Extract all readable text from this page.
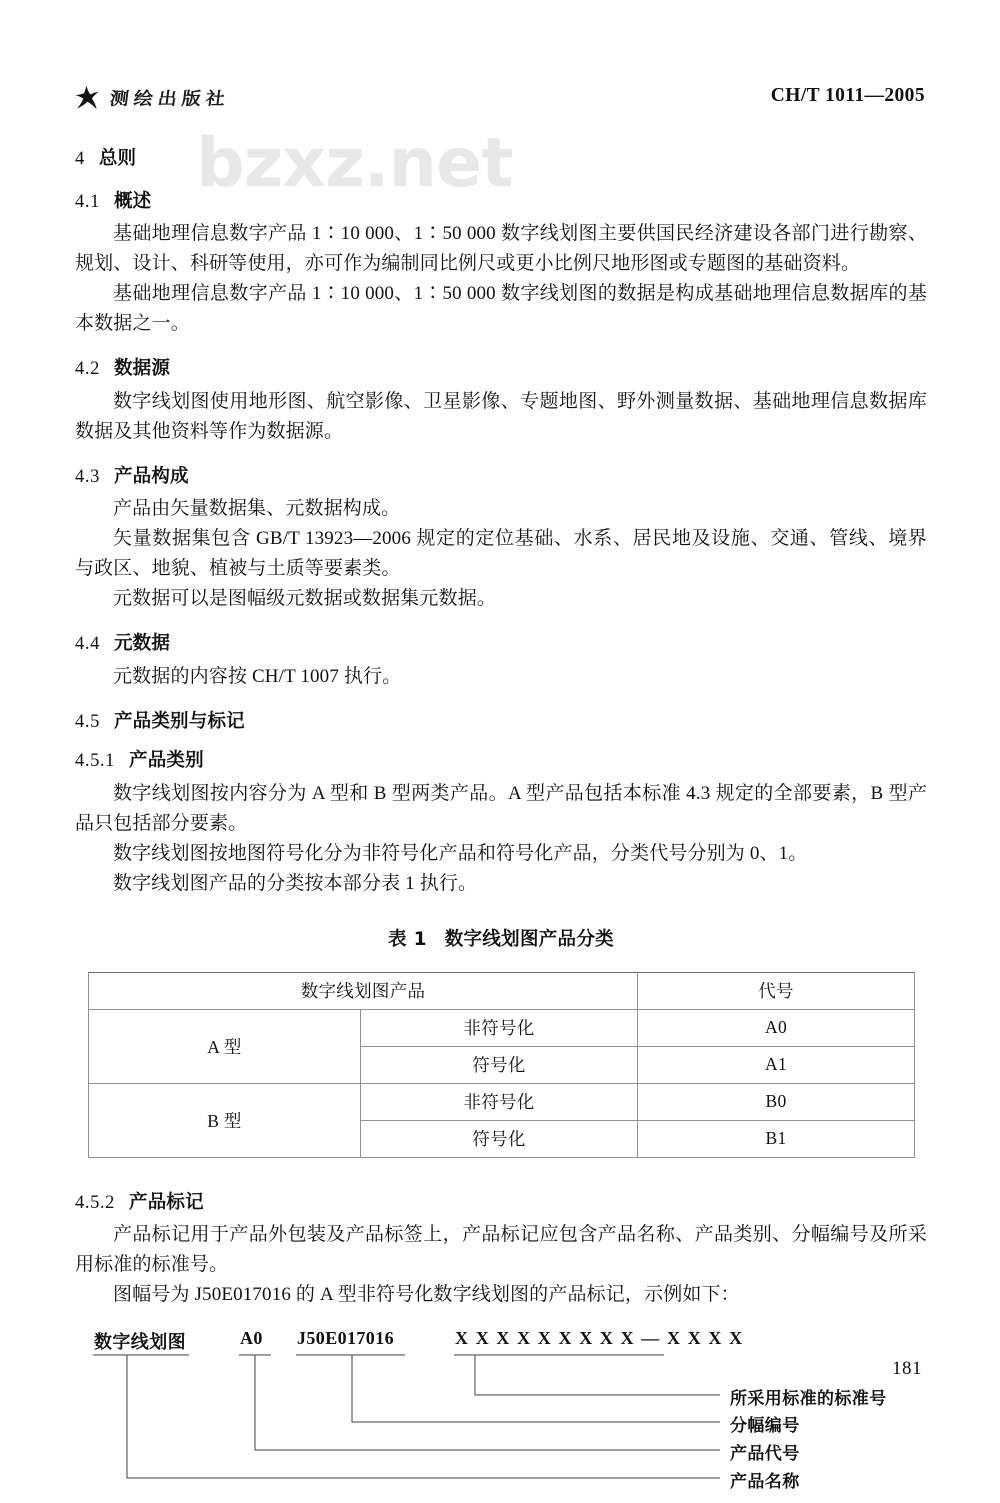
bzxz.net
测绘出版社	CH/T 1011—2005
4 总则
4.1 概述

基础地理信息数字产品 1∶10 000、1∶50 000 数字线划图主要供国民经济建设各部门进行勘察、规划、设计、科研等使用，亦可作为编制同比例尺或更小比例尺地形图或专题图的基础资料。

基础地理信息数字产品 1∶10 000、1∶50 000 数字线划图的数据是构成基础地理信息数据库的基本数据之一。

4.2 数据源

数字线划图使用地形图、航空影像、卫星影像、专题地图、野外测量数据、基础地理信息数据库数据及其他资料等作为数据源。

4.3 产品构成

产品由矢量数据集、元数据构成。

矢量数据集包含 GB/T 13923—2006 规定的定位基础、水系、居民地及设施、交通、管线、境界与政区、地貌、植被与土质等要素类。

元数据可以是图幅级元数据或数据集元数据。

4.4 元数据

元数据的内容按 CH/T 1007 执行。

4.5 产品类别与标记
4.5.1 产品类别

数字线划图按内容分为 A 型和 B 型两类产品。A 型产品包括本标准 4.3 规定的全部要素，B 型产品只包括部分要素。

数字线划图按地图符号化分为非符号化产品和符号化产品，分类代号分别为 0、1。

数字线划图产品的分类按本部分表 1 执行。

表 1 数字线划图产品分类

数字线划图产品		代号
A 型	非符号化	A0
	符号化	A1
B 型	非符号化	B0
	符号化	B1
4.5.2 产品标记

产品标记用于产品外包装及产品标签上，产品标记应包含产品名称、产品类别、分幅编号及所采用标准的标准号。

图幅号为 J50E017016 的 A 型非符号化数字线划图的产品标记，示例如下：

数字线划图	A0 J50E017016	X X X X X X X X X — X X X X
所采用标准的标准号
分幅编号
产品代号
产品名称
181
